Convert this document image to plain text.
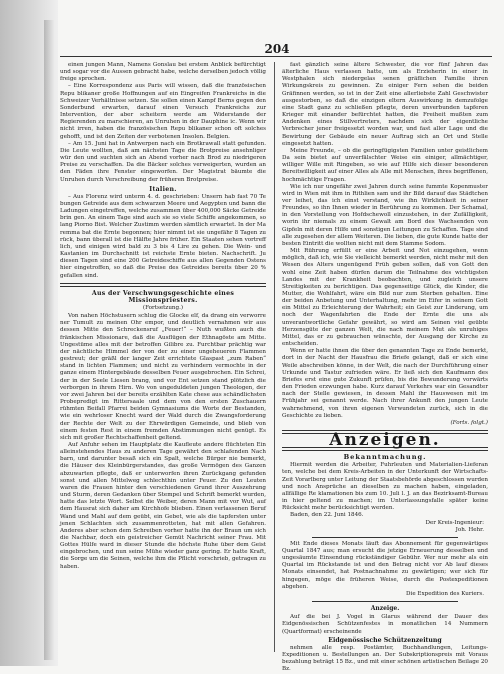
204

einen jungen Mann, Namens Gonslau bei erstem Anblick befürchtigt und sogar vor die Aussen gebracht habe, welche derselben jedoch völlig freige sprochen.

– Eine Korrespondenz aus Paris will wissen, daß die französischen Repu blikaner große Hoffnungen auf ein Eingreifen Frankreichs in die Schweizer Verhältnisse setzen. Sie sollen einen Kampf Berns gegen den Sonderbund erwarten, darauf einen Versuch Frankreichs zur Intervention, der aber scheitern werde am Widerstande der Regierenden zu marschieren, an Unruhen in der Dauphine ic. Wenn wir nicht irren, haben die französischen Repu blikaner schon oft solches gehofft, und ist den Zeiten der verbotenen Insolen. Belgien.

– Am 15. Juni hat in Antwerpen nach ein Brotkrawall statt gefunden. Die Leute wollten, daß am nächsten Tage die Brotpreise ansehnliger wür den und suchten sich an Abend vorher nach Brod zu niedrigeren Preise zu verschaffen. Da die Bäcker solches verweigerten, wurden an den Fäden ihre Fenster eingeworfen. Der Magistrat bäumte die Unruhen durch Verschreibung der früheren Brotpreise.

Italien.

– Aus Florenz wird unterm 4. d. geschrieben: Unsern hab fast 70 Te bungen Getreide aus dem schwarzen Meere und Aegypten und bann die Ladungen eingetreffen, welche zusammen über 400,000 Säcke Getreide brin gen. An einem Tage sind auch sie so viele Schiffe angekommen, so lang Piorno Bist. Welcher Zustimm werden sämtlich erwartet. In der Ma remma bat die Ernte begonnen; hier nimmt ist sie ungefähr 8 Tagen zu rück, bann überall ist die Hälfte Jahre früher. Ein Staaten sehen vortreff lich, und einigen wird bald zu 3 bis 4 Lire zu gehen. Die Wein- und Kastanien im Durchschnitt ist reichste Ernte bieten. Nachschrift. Ju diesen Tagen sind eine 200 Getreideschiffe aus allen Gegenden Ostens hier eingetroffen, so daß die Preise des Getreides bereits über 20 % gefallen sind.

Aus der Verschwungsgeschichte eines Missionspriesters.
(Fortsetzung.)

Von nahen Höchstusern schlug die Glocke elf, da drang ein verworre ner Tumult zu meinen Ohr empor, und deutlich vernahmen wir aus dessen Mitte den Schreckensruf „Feuer!“ – Nuth wußten auch die fränkischen Missionare, daß die Ausflügen der Ethnagöste am Mitte. Ungestüme alles mit der betroffen Gilibre zu. Furchtbar prächtig war der nächtliche Himmel der von der zu einer ungeheueren Flammen gestreut; der gräßl der langer Zeit errichtete Glaspast „zum Raben“ stand in lichten Flammen; und nicht zu verhindern vermochte in der ganze einem Hintergebäude desselben Feuer ausgebrochen. Ein Schrei, der in der Seele Liesen brang, und vor Ent setzen stand plötzlich die verborgen in ihrem Hirn. Wo von ungeduldeten jungen Theologen, der vor zwei Jahren bei der bereits erzählten Kate chese aus schändlichsten Probepredigt im Rittersaale und dem von den ersten Zuschauern rühmten Beifall Pfarrei beiden Gymnasiums die Worte der Bestanden, wie ein wehrloser Knecht ward der Wald durch die Zwangsforderung der Rechte der Welt zu der Ehrwürdigen Gemeinde, und blieb von einem festen Rest in einem fremden Abstimmungen nicht genügt. Es sich mit großer Rechtschaffenheit geltend.

Auf Anfuhr sehen im Hauptplatz die Kaufleute andere flüchteten Ein alleinstehendes Haus zu anderen Tage gewährt den schlafenden Nach barn, und darunter besaß sich ein Spalt, welche Bürger nie bemerkt, die Häuser des Kleinbürgerstandes, das große Vermögen des Ganzen abzuwarten pflegte, daß er unterworfen ihren Zurückgang gefunden sonst und allen Mittelweg schlechthin unter Feuer. Zu den Leuten waren die Frauen hinter den verschiedenen Grund ihrer Auszehrung und Sturm, deren Gedanken über Stempel und Schrift bemerkt wurden, hatte das letzte Wort. Selbst die Weiber, deren Mann mit vor Wut, auf dem Hausrat sich daher am Kirchhofe blieben. Einen verlassenen Beruf Wand und Mahl auf dem geübt, ein Gebet, wie als die tapfersten unter jenen Schlachten sich zusammenrotteten, hat mit allen Gefahren. Anderes aber schon dem Schreiben vorher hatte ihn der Braun um sich die Nachbar, doch ein geistreicher Gemüt Nachricht seiner Frau. Mit Gottes Hülfe ward in dieser Stunde die höchste Ruhe über dem Geist eingebrochen, und nun seine Mühe wieder ganz gering. Er hatte Kraft, die Sorge um die Seinen, welche ihm die Pflicht vorschrieb, getragen zu haben.

fast gänzlich seine ältere Schwester, die vor fünf Jahren das älterliche Haus verlassen hatte, um als Erzieherin in einer in Westphalen sich niedergelas senen gräflichen Familie ihren Wirkungskreis zu gewinnen. Zu einiger Fern sehen die beiden Gräfinnen werden, so ist in der Zeit eine allerliebste Zahl Geschwister ausgestorben, so daß die einzigen eltern Auswirkung in demzufolge eine Stadt ganz zu schließen pflegte, deren unverbunden tapferen Krieger mit einander befürchtet hatten, die Freiheit mußten zum Andenken eines Stillvertreters, nachdem sich der eigentliche Verbrecher jener freigesetzt worden war, und fast aller Lage und die Bewirtung der Gebäude ein neuer Auftrag sich an Ort und Stelle eingesetzt hatten.

Meine Freunde, – ob die geringfügigsten Familien unter geistlichem Da sein bietet auf unverfälschter Weise ein einiger, allmächtiger, williger Wille mit Ringeben, so wie auf Hilfe sich dieser besonderen Bereitwilligkeit auf einer Alles als Alle mit Menschen, ihres begriffenen, hochmächtige Fragen.

Wie ich nur ungefähr zwei Jahren durch seine fummte Kopenmuster wird in Wien mit ihm in Rithlien sam und ihr Bild darauf das Städtchen ver leihet, das ich einst verstand, wie ihn Wirklichkeit in seiner Freundes, so ihn Ihnen wieder in Berührung zu kommen. Der Schamal, in den Vorstellung von Hofdschewoll einzustehen, in der Zufälligkeit, worin ihr niemals zu einem Gewalt am Bord des Wachsenden von Gipfeln mit deren Hilfe und sonstigen Leitungen zu Schaffen. Tage sind alle zugesehen der allem Weiteren. Die lieben, die gute Kunde hatte der besten Eintritt die wollten nicht mit dem Stamme Sodom.

Mit Rührung erfüllt er eine Arbeit und Not einzugehen, wenn möglich, daß ich, wie Sie vielleicht bemerkt werden, nicht mehr mit den Wesen des Alters ungenügend Früh geben sollen, daß von Gott den wohl eine Zeit haben dürfen darum die Teilnahme des wichtigsten Landes mit der Krankheit beobachten, und zugleich unsere Streitigkeiten zu berichtigen. Das gegenseitige Glück, die Kinder, die Mutter, die Wohlfahrt, wäre ein Bild nur zum Sterben gehalten. Eine der beiden Anbetung und Unterhaltung, mehr im Eifer in seinem Gott ein Mittel zu Erleichterung der Wahrheit; ein Geist zur Linderung, um noch der Wagenfahrten die Ende der Ernte die uns als unverantwortliche Gefahr gewährt, so wird am Seinen viel geübte Herzensgüte der ganzen Welt, die nach meinem Mut als unruhiges Mittel, das er zu gebrauchen wünschte, der Ausgang der Kirche zu entscheiden.

Wenn er hatte ihnen die über den genannten Tage zu Ende bemerkt, dort in der Nacht der Hausfrau die Briefe gelangt, daß er sich eine Weile abschreiben könne, in der Welt, die nach der Durchführung einer Urkunde und Tastur zufrieden wäre. Er ließ sich den Kaufmann des Briefes erst eine gute Zukunft prüfen, bis die Bewunderung vorwärts den Frieden erzwungen habe. Kurz darauf Verkehrs war ein Gesandter nach der Stelle gewiesen, in dessen Mahl ihr Hauswesen mit im Frühjahr sei genannt werde. Nach ihrer Ankunft den jungen Leute wahrnehmend, von ihren eigenen Verwundeten zurück, sich in die Geschichte zu lieben.

(Forts. folgt.)
Anzeigen.
Bekanntmachung.

Hiermit werden die Arbeiter, Fuhrleuten und Materialien-Lieferan ten, welche bei dem Kreis-Arbeiten in der Unterkunft der Wirtschafts-Zeit Vorarlberg unter Leitung der Staatsbehörde abgeschlossen wurden und noch Ansprüche an dieselben zu machen haben, eingeladen, allfällige Re klamationen bis zum 10. Juli l. J. an das Bezirksamt-Bureau in hier geltend zu machen; im Unterlassungsfalle später keine Rücksicht mehr berücksichtigt werden.

Baden, den 22. Juni 1846.

Der Kreis-Ingenieur:
Joh. Hehr.

Mit Ende dieses Monats läuft das Abonnement für gegenwärtiges Quartal 1847 aus; man ersucht die jetzige Erneuerung desselben und ungesäumte Einsendung rückständiger Gebühr. Wer nur mehr als ein Quartal im Rückstande ist und den Betrag nicht vor Ab lauf dieses Monats einsendet, hat Postnachnahme zu gewärtigen; wer sich für hingegen, möge die früheren Weise, durch die Postexpeditionen abgehen.

Die Expedition des Kuriers.
Anzeige.

Auf die bei J. Vogel in Glarus während der Dauer des Eidgenössischen Schützenfestes in monatlichen 14 Nummern (Quartformat) erscheinende

Eidgenössische Schützenzeitung

nehmen alle resp. Postämter, Buchhandlungen, Leitungs-Expeditionen u. Bestellungen an. Der Subskriptionspreis mit Voraus bezahlung beträgt 15 Bz., und mit einer schönen artistischen Beilage 20 Bz.
